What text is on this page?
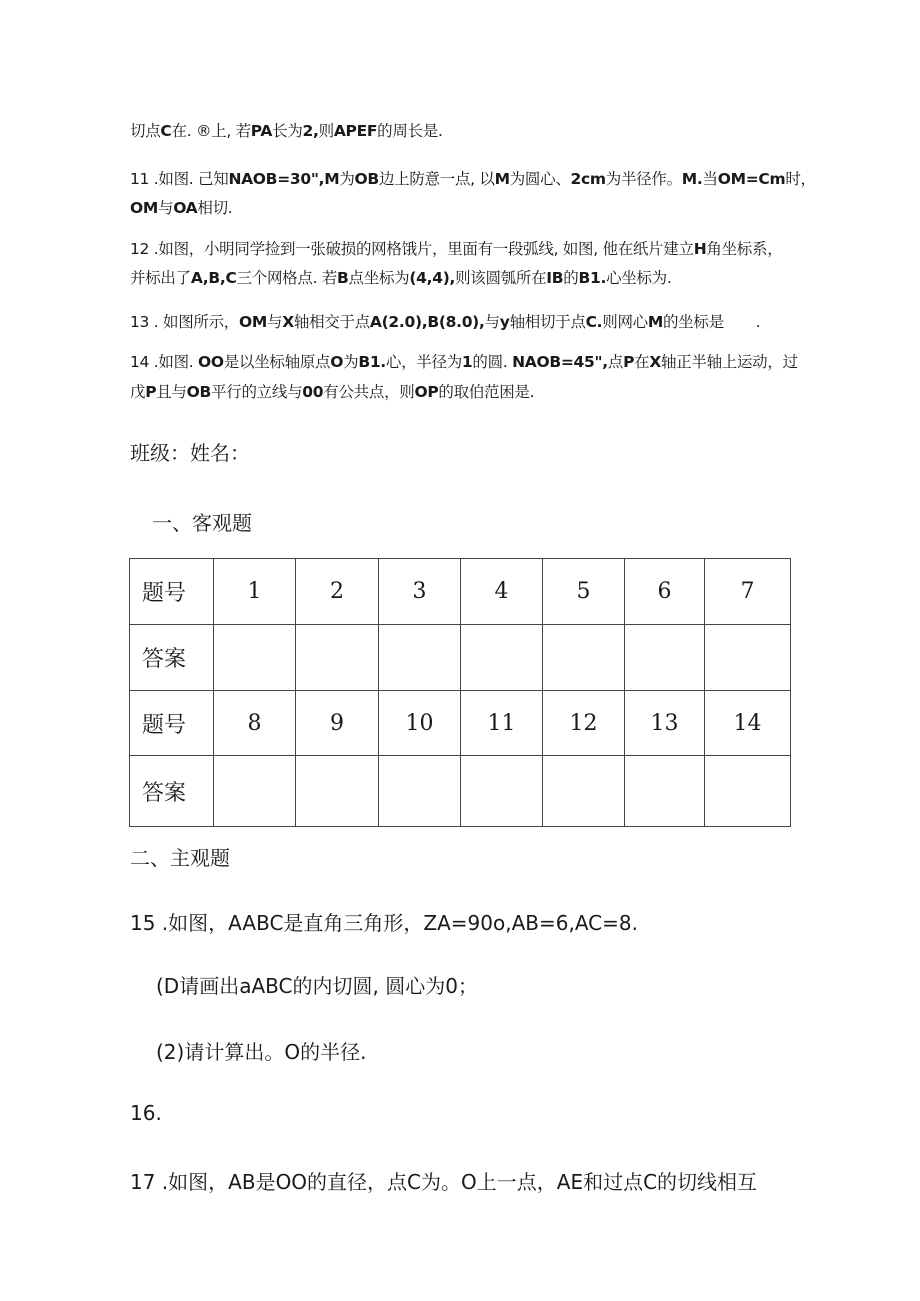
切点C在. ®上, 若PA长为2,则APEF的周长是.
11 .如图. 己知NAOB=30",M为OB边上防意一点, 以M为圆心、2cm为半径作。M.当OM=Cm时，
OM与OA相切.
12 .如图，小明同学捡到一张破损的网格饿片，里面有一段弧线, 如图, 他在纸片建立H角坐标系，
并标出了A,B,C三个网格点. 若B点坐标为(4,4),则该圆瓠所在IB的B1.心坐标为.
13 . 如图所示，OM与X轴相交于点A(2.0),B(8.0),与y轴相切于点C.则网心M的坐标是 .
14 .如图. OO是以坐标轴原点O为B1.心，半径为1的圆. NAOB=45",点P在X轴正半轴上运动，过
戊P且与OB平行的立线与00有公共点，则OP的取伯范困是.
班级：姓名：
一、客观题
题号	1	2	3	4	5	6	7
答案							
题号	8	9	10	11	12	13	14
答案							
二、主观题
15 .如图，AABC是直角三角形，ZA=90o,AB=6,AC=8.
(D请画出aABC的内切圆, 圆心为0；
(2)请计算出。O的半径.
16.
17 .如图，AB是OO的直径，点C为。O上一点，AE和过点C的切线相互
